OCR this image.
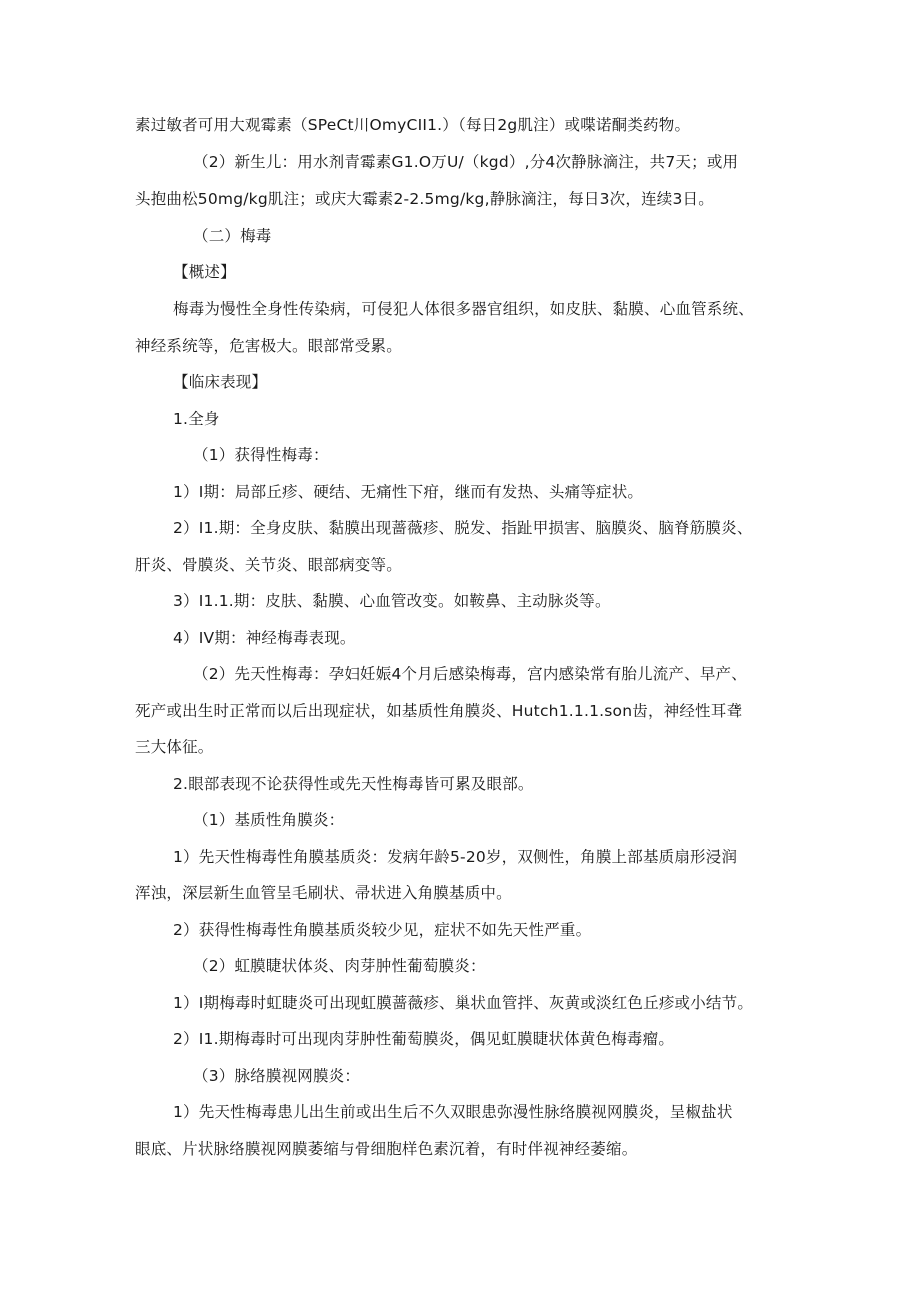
素过敏者可用大观霉素（SPeCt川OmyCII1.）（每日2g肌注）或喋诺酮类药物。
（2）新生儿：用水剂青霉素G1.O万U/（kgd）,分4次静脉滴注，共7天；或用
头抱曲松50mg∕kg肌注；或庆大霉素2-2.5mg∕kg,静脉滴注，每日3次，连续3日。
（二）梅毒
【概述】
梅毒为慢性全身性传染病，可侵犯人体很多器官组织，如皮肤、黏膜、心血管系统、
神经系统等，危害极大。眼部常受累。
【临床表现】
1.全身
（1）获得性梅毒：
1）I期：局部丘疹、硬结、无痛性下疳，继而有发热、头痛等症状。
2）I1.期：全身皮肤、黏膜出现蔷薇疹、脱发、指趾甲损害、脑膜炎、脑脊筋膜炎、
肝炎、骨膜炎、关节炎、眼部病变等。
3）I1.1.期：皮肤、黏膜、心血管改变。如鞍鼻、主动脉炎等。
4）IV期：神经梅毒表现。
（2）先天性梅毒：孕妇妊娠4个月后感染梅毒，宫内感染常有胎儿流产、早产、
死产或出生时正常而以后出现症状，如基质性角膜炎、Hutch1.1.1.son齿，神经性耳聋
三大体征。
2.眼部表现不论获得性或先天性梅毒皆可累及眼部。
（1）基质性角膜炎：
1）先天性梅毒性角膜基质炎：发病年龄5-20岁，双侧性，角膜上部基质扇形浸润
浑浊，深层新生血管呈毛刷状、帚状进入角膜基质中。
2）获得性梅毒性角膜基质炎较少见，症状不如先天性严重。
（2）虹膜睫状体炎、肉芽肿性葡萄膜炎：
1）I期梅毒时虹睫炎可出现虹膜蔷薇疹、巢状血管拌、灰黄或淡红色丘疹或小结节。
2）I1.期梅毒时可出现肉芽肿性葡萄膜炎，偶见虹膜睫状体黄色梅毒瘤。
（3）脉络膜视网膜炎：
1）先天性梅毒患儿出生前或出生后不久双眼患弥漫性脉络膜视网膜炎，呈椒盐状
眼底、片状脉络膜视网膜萎缩与骨细胞样色素沉着，有时伴视神经萎缩。
